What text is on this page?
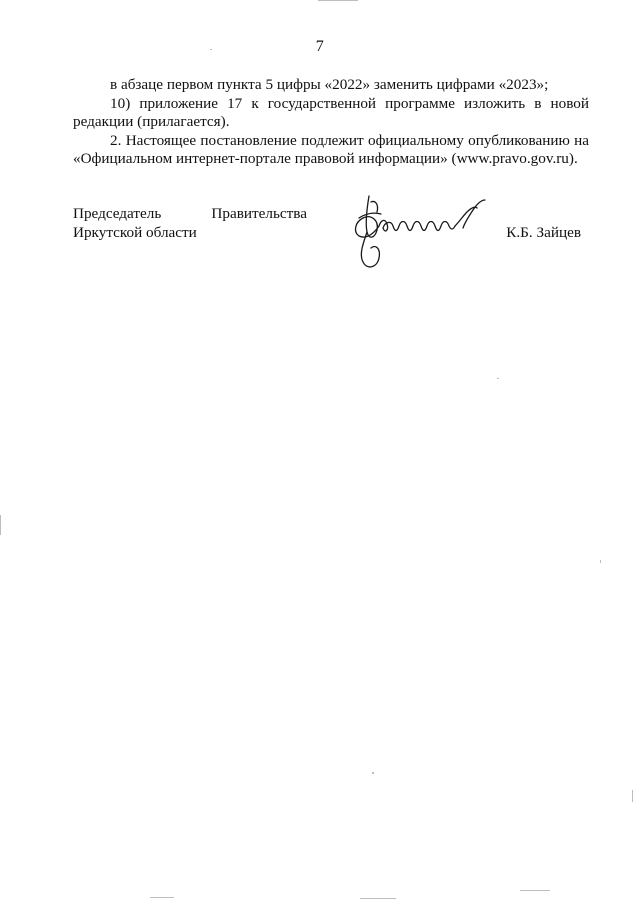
7

в абзаце первом пункта 5 цифры «2022» заменить цифрами «2023»;

10) приложение 17 к государственной программе изложить в новой редакции (прилагается).

2. Настоящее постановление подлежит официальному опубликованию на «Официальном интернет-портале правовой информации» (www.pravo.gov.ru).

Председатель	Правительства
Иркутской области	К.Б. Зайцев
